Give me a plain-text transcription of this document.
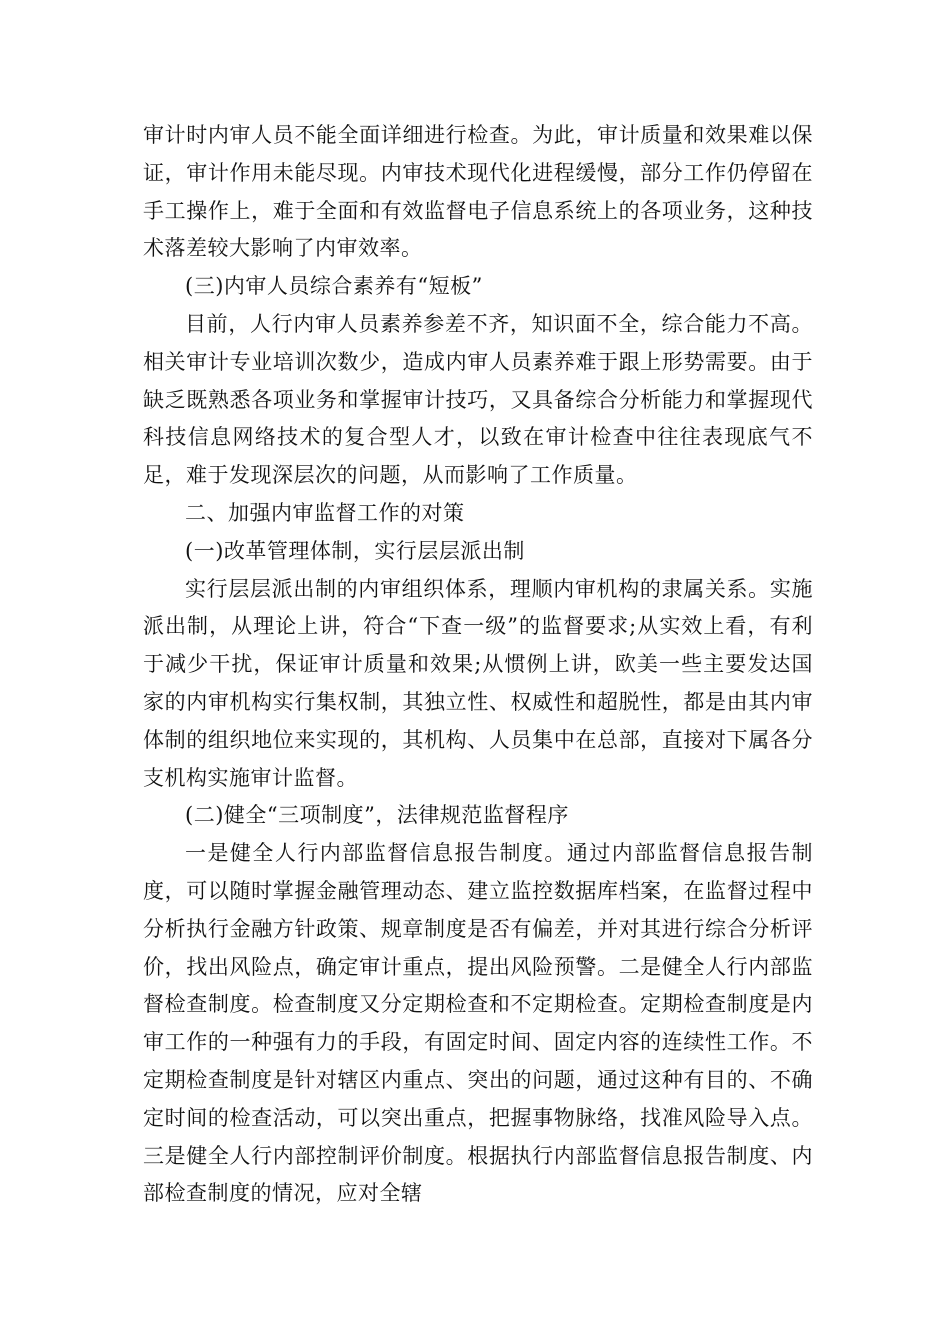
审计时内审人员不能全面详细进行检查。为此，审计质量和效果难以保证，审计作用未能尽现。内审技术现代化进程缓慢，部分工作仍停留在手工操作上，难于全面和有效监督电子信息系统上的各项业务，这种技术落差较大影响了内审效率。

(三)内审人员综合素养有“短板”

目前，人行内审人员素养参差不齐，知识面不全，综合能力不高。相关审计专业培训次数少，造成内审人员素养难于跟上形势需要。由于缺乏既熟悉各项业务和掌握审计技巧，又具备综合分析能力和掌握现代科技信息网络技术的复合型人才，以致在审计检查中往往表现底气不足，难于发现深层次的问题，从而影响了工作质量。

二、加强内审监督工作的对策

(一)改革管理体制，实行层层派出制

实行层层派出制的内审组织体系，理顺内审机构的隶属关系。实施派出制，从理论上讲，符合“下查一级”的监督要求;从实效上看，有利于减少干扰，保证审计质量和效果;从惯例上讲，欧美一些主要发达国家的内审机构实行集权制，其独立性、权威性和超脱性，都是由其内审体制的组织地位来实现的，其机构、人员集中在总部，直接对下属各分支机构实施审计监督。

(二)健全“三项制度”，法律规范监督程序

一是健全人行内部监督信息报告制度。通过内部监督信息报告制度，可以随时掌握金融管理动态、建立监控数据库档案，在监督过程中分析执行金融方针政策、规章制度是否有偏差，并对其进行综合分析评价，找出风险点，确定审计重点，提出风险预警。二是健全人行内部监督检查制度。检查制度又分定期检查和不定期检查。定期检查制度是内审工作的一种强有力的手段，有固定时间、固定内容的连续性工作。不定期检查制度是针对辖区内重点、突出的问题，通过这种有目的、不确定时间的检查活动，可以突出重点，把握事物脉络，找准风险导入点。三是健全人行内部控制评价制度。根据执行内部监督信息报告制度、内部检查制度的情况，应对全辖
